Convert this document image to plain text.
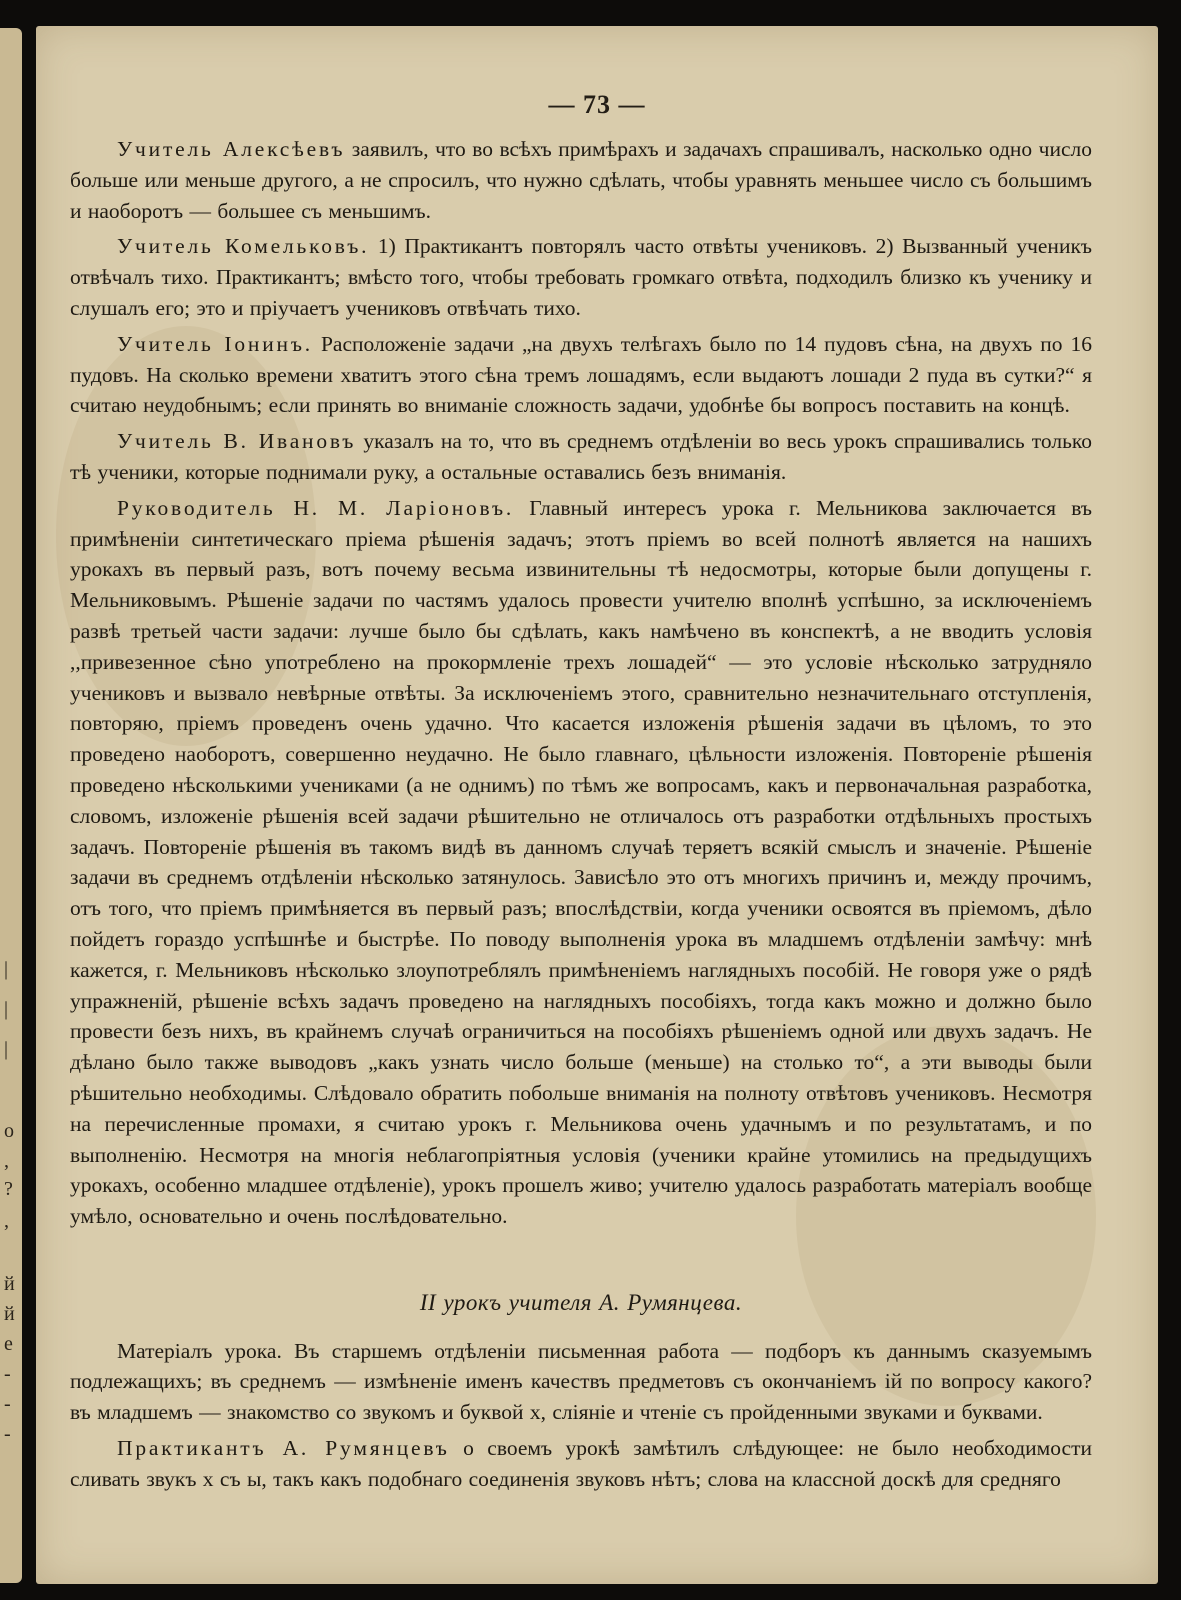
|
|
|
о
,
?
,
й
й
е
-
-
-
— 73 —

Учитель Алексѣевъ заявилъ, что во всѣхъ примѣрахъ и задачахъ спрашивалъ, насколько одно число больше или меньше другого, а не спросилъ, что нужно сдѣлать, чтобы уравнять меньшее число съ большимъ и наоборотъ — большее съ меньшимъ.

Учитель Комельковъ. 1) Практикантъ повторялъ часто отвѣты учениковъ. 2) Вызванный ученикъ отвѣчалъ тихо. Практикантъ; вмѣсто того, чтобы требовать громкаго отвѣта, подходилъ близко къ ученику и слушалъ его; это и пріучаетъ учениковъ отвѣчать тихо.

Учитель Іонинъ. Расположеніе задачи „на двухъ телѣгахъ было по 14 пудовъ сѣна, на двухъ по 16 пудовъ. На сколько времени хватитъ этого сѣна тремъ лошадямъ, если выдаютъ лошади 2 пуда въ сутки?“ я считаю неудобнымъ; если принять во вниманіе сложность задачи, удобнѣе бы вопросъ поставить на концѣ.

Учитель В. Ивановъ указалъ на то, что въ среднемъ отдѣленіи во весь урокъ спрашивались только тѣ ученики, которые поднимали руку, а остальные оставались безъ вниманія.

Руководитель Н. М. Ларіоновъ. Главный интересъ урока г. Мельникова заключается въ примѣненіи синтетическаго пріема рѣшенія задачъ; этотъ пріемъ во всей полнотѣ является на нашихъ урокахъ въ первый разъ, вотъ почему весьма извинительны тѣ недосмотры, которые были допущены г. Мельниковымъ. Рѣшеніе задачи по частямъ удалось провести учителю вполнѣ успѣшно, за исключеніемъ развѣ третьей части задачи: лучше было бы сдѣлать, какъ намѣчено въ конспектѣ, а не вводить условія ,,привезенное сѣно употреблено на прокормленіе трехъ лошадей“ — это условіе нѣсколько затрудняло учениковъ и вызвало невѣрные отвѣты. За исключеніемъ этого, сравнительно незначительнаго отступленія, повторяю, пріемъ проведенъ очень удачно. Что касается изложенія рѣшенія задачи въ цѣломъ, то это проведено наоборотъ, совершенно неудачно. Не было главнаго, цѣльности изложенія. Повтореніе рѣшенія проведено нѣсколькими учениками (а не однимъ) по тѣмъ же вопросамъ, какъ и первоначальная разработка, словомъ, изложеніе рѣшенія всей задачи рѣшительно не отличалось отъ разработки отдѣльныхъ простыхъ задачъ. Повтореніе рѣшенія въ такомъ видѣ въ данномъ случаѣ теряетъ всякій смыслъ и значеніе. Рѣшеніе задачи въ среднемъ отдѣленіи нѣсколько затянулось. Зависѣло это отъ многихъ причинъ и, между прочимъ, отъ того, что пріемъ примѣняется въ первый разъ; впослѣдствіи, когда ученики освоятся въ пріемомъ, дѣло пойдетъ гораздо успѣшнѣе и быстрѣе. По поводу выполненія урока въ младшемъ отдѣленіи замѣчу: мнѣ кажется, г. Мельниковъ нѣсколько злоупотреблялъ примѣненіемъ наглядныхъ пособій. Не говоря уже о рядѣ упражненій, рѣшеніе всѣхъ задачъ проведено на наглядныхъ пособіяхъ, тогда какъ можно и должно было провести безъ нихъ, въ крайнемъ случаѣ ограничиться на пособіяхъ рѣшеніемъ одной или двухъ задачъ. Не дѣлано было также выводовъ „какъ узнать число больше (меньше) на столько то“, а эти выводы были рѣшительно необходимы. Слѣдовало обратить побольше вниманія на полноту отвѣтовъ учениковъ. Несмотря на перечисленные промахи, я считаю урокъ г. Мельникова очень удачнымъ и по результатамъ, и по выполненію. Несмотря на многія неблагопріятныя условія (ученики крайне утомились на предыдущихъ урокахъ, особенно младшее отдѣленіе), урокъ прошелъ живо; учителю удалось разработать матеріалъ вообще умѣло, основательно и очень послѣдовательно.

II урокъ учителя А. Румянцева.

Матеріалъ урока. Въ старшемъ отдѣленіи письменная работа — подборъ къ даннымъ сказуемымъ подлежащихъ; въ среднемъ — измѣненіе именъ качествъ предметовъ съ окончаніемъ ій по вопросу какого? въ младшемъ — знакомство со звукомъ и буквой х, сліяніе и чтеніе съ пройденными звуками и буквами.

Практикантъ А. Румянцевъ о своемъ урокѣ замѣтилъ слѣдующее: не было необходимости сливать звукъ х съ ы, такъ какъ подобнаго соединенія звуковъ нѣтъ; слова на классной доскѣ для средняго
